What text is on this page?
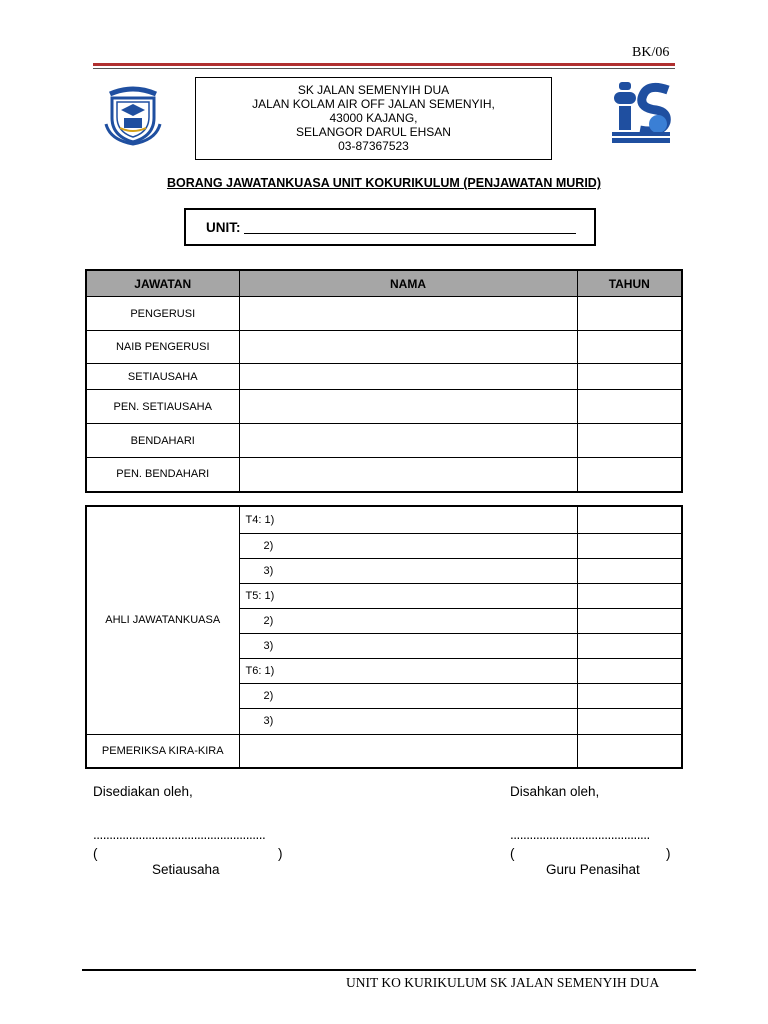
BK/06
SK JALAN SEMENYIH DUA
JALAN KOLAM AIR OFF JALAN SEMENYIH,
43000 KAJANG,
SELANGOR DARUL EHSAN
03-87367523
BORANG JAWATANKUASA UNIT KOKURIKULUM (PENJAWATAN MURID)
UNIT:
JAWATAN	NAMA	TAHUN
PENGERUSI		
NAIB PENGERUSI		
SETIAUSAHA		
PEN. SETIAUSAHA		
BENDAHARI		
PEN. BENDAHARI		
AHLI JAWATANKUASA	T4: 1)	
	2)	
	3)	
	T5: 1)	
	2)	
	3)	
	T6: 1)	
	2)	
	3)	
PEMERIKSA KIRA-KIRA		
Disediakan oleh,
.....................................................
(	)
Setiausaha
Disahkan oleh,
...........................................
(	)
Guru Penasihat
UNIT KO KURIKULUM SK JALAN SEMENYIH DUA
